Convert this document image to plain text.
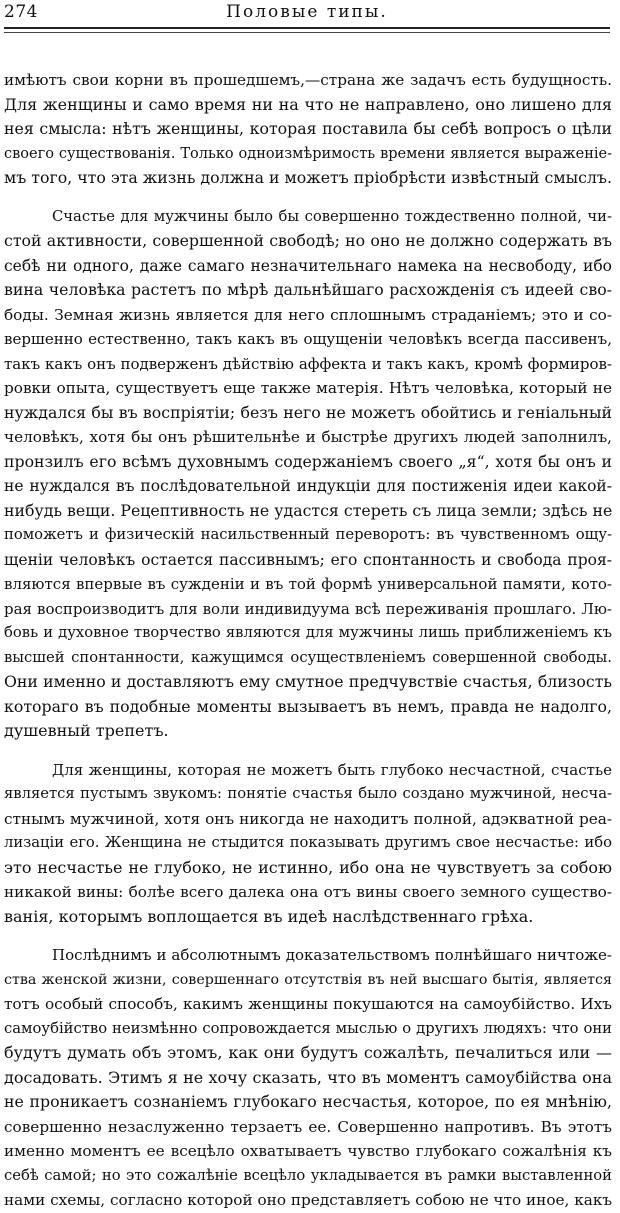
274	Половые типы.
имѣютъ свои корни въ прошедшемъ,—страна же задачъ есть будущность.
Для женщины и само время ни на что не направлено, оно лишено для
нея смысла: нѣтъ женщины, которая поставила бы себѣ вопросъ о цѣли
своего существованія. Только одноизмѣримость времени является выраженіе-
мъ того, что эта жизнь должна и можетъ пріобрѣсти извѣстный смыслъ.
Счастье для мужчины было бы совершенно тождественно полной, чи-
стой активности, совершенной свободѣ; но оно не должно содержать въ
себѣ ни одного, даже самаго незначительнаго намека на несвободу, ибо
вина человѣка растетъ по мѣрѣ дальнѣйшаго расхожденія съ идеей сво-
боды. Земная жизнь является для него сплошнымъ страданіемъ; это и со-
вершенно естественно, такъ какъ въ ощущеніи человѣкъ всегда пассивенъ,
такъ какъ онъ подверженъ дѣйствію аффекта и такъ какъ, кромѣ формиров-
ровки опыта, существуетъ еще также матерія. Нѣтъ человѣка, который не
нуждался бы въ воспріятіи; безъ него не можетъ обойтись и геніальный
человѣкъ, хотя бы онъ рѣшительнѣе и быстрѣе другихъ людей заполнилъ,
пронзилъ его всѣмъ духовнымъ содержаніемъ своего „я“, хотя бы онъ и
не нуждался въ послѣдовательной индукціи для постиженія идеи какой-
нибудь вещи. Рецептивность не удастся стереть съ лица земли; здѣсь не
поможетъ и физическій насильственный переворотъ: въ чувственномъ ощу-
щеніи человѣкъ остается пассивнымъ; его спонтанность и свобода проя-
вляются впервые въ сужденіи и въ той формѣ универсальной памяти, кото-
рая воспроизводитъ для воли индивидуума всѣ переживанія прошлаго. Лю-
бовь и духовное творчество являются для мужчины лишь приближеніемъ къ
высшей спонтанности, кажущимся осуществленіемъ совершенной свободы.
Они именно и доставляютъ ему смутное предчувствіе счастья, близость
котораго въ подобные моменты вызываетъ въ немъ, правда не надолго,
душевный трепетъ.
Для женщины, которая не можетъ быть глубоко несчастной, счастье
является пустымъ звукомъ: понятіе счастья было создано мужчиной, несча-
стнымъ мужчиной, хотя онъ никогда не находитъ полной, адэкватной реа-
лизаціи его. Женщина не стыдится показывать другимъ свое несчастье: ибо
это несчастье не глубоко, не истинно, ибо она не чувствуетъ за собою
никакой вины: болѣе всего далека она отъ вины своего земного существо-
ванія, которымъ воплощается въ идеѣ наслѣдственнаго грѣха.
Послѣднимъ и абсолютнымъ доказательствомъ полнѣйшаго ничтоже-
ства женской жизни, совершеннаго отсутствія въ ней высшаго бытія, является
тотъ особый способъ, какимъ женщины покушаются на самоубійство. Ихъ
самоубійство неизмѣнно сопровождается мыслью о другихъ людяхъ: что они
будутъ думать объ этомъ, как они будутъ сожалѣть, печалиться или —
досадовать. Этимъ я не хочу сказать, что въ моментъ самоубійства она
не проникаетъ сознаніемъ глубокаго несчастья, которое, по ея мнѣнію,
совершенно незаслуженно терзаетъ ее. Совершенно напротивъ. Въ этотъ
именно моментъ ее всецѣло охватываетъ чувство глубокаго сожалѣнія къ
себѣ самой; но это сожалѣніе всецѣло укладывается въ рамки выставленной
нами схемы, согласно которой оно представляетъ собою не что иное, какъ
